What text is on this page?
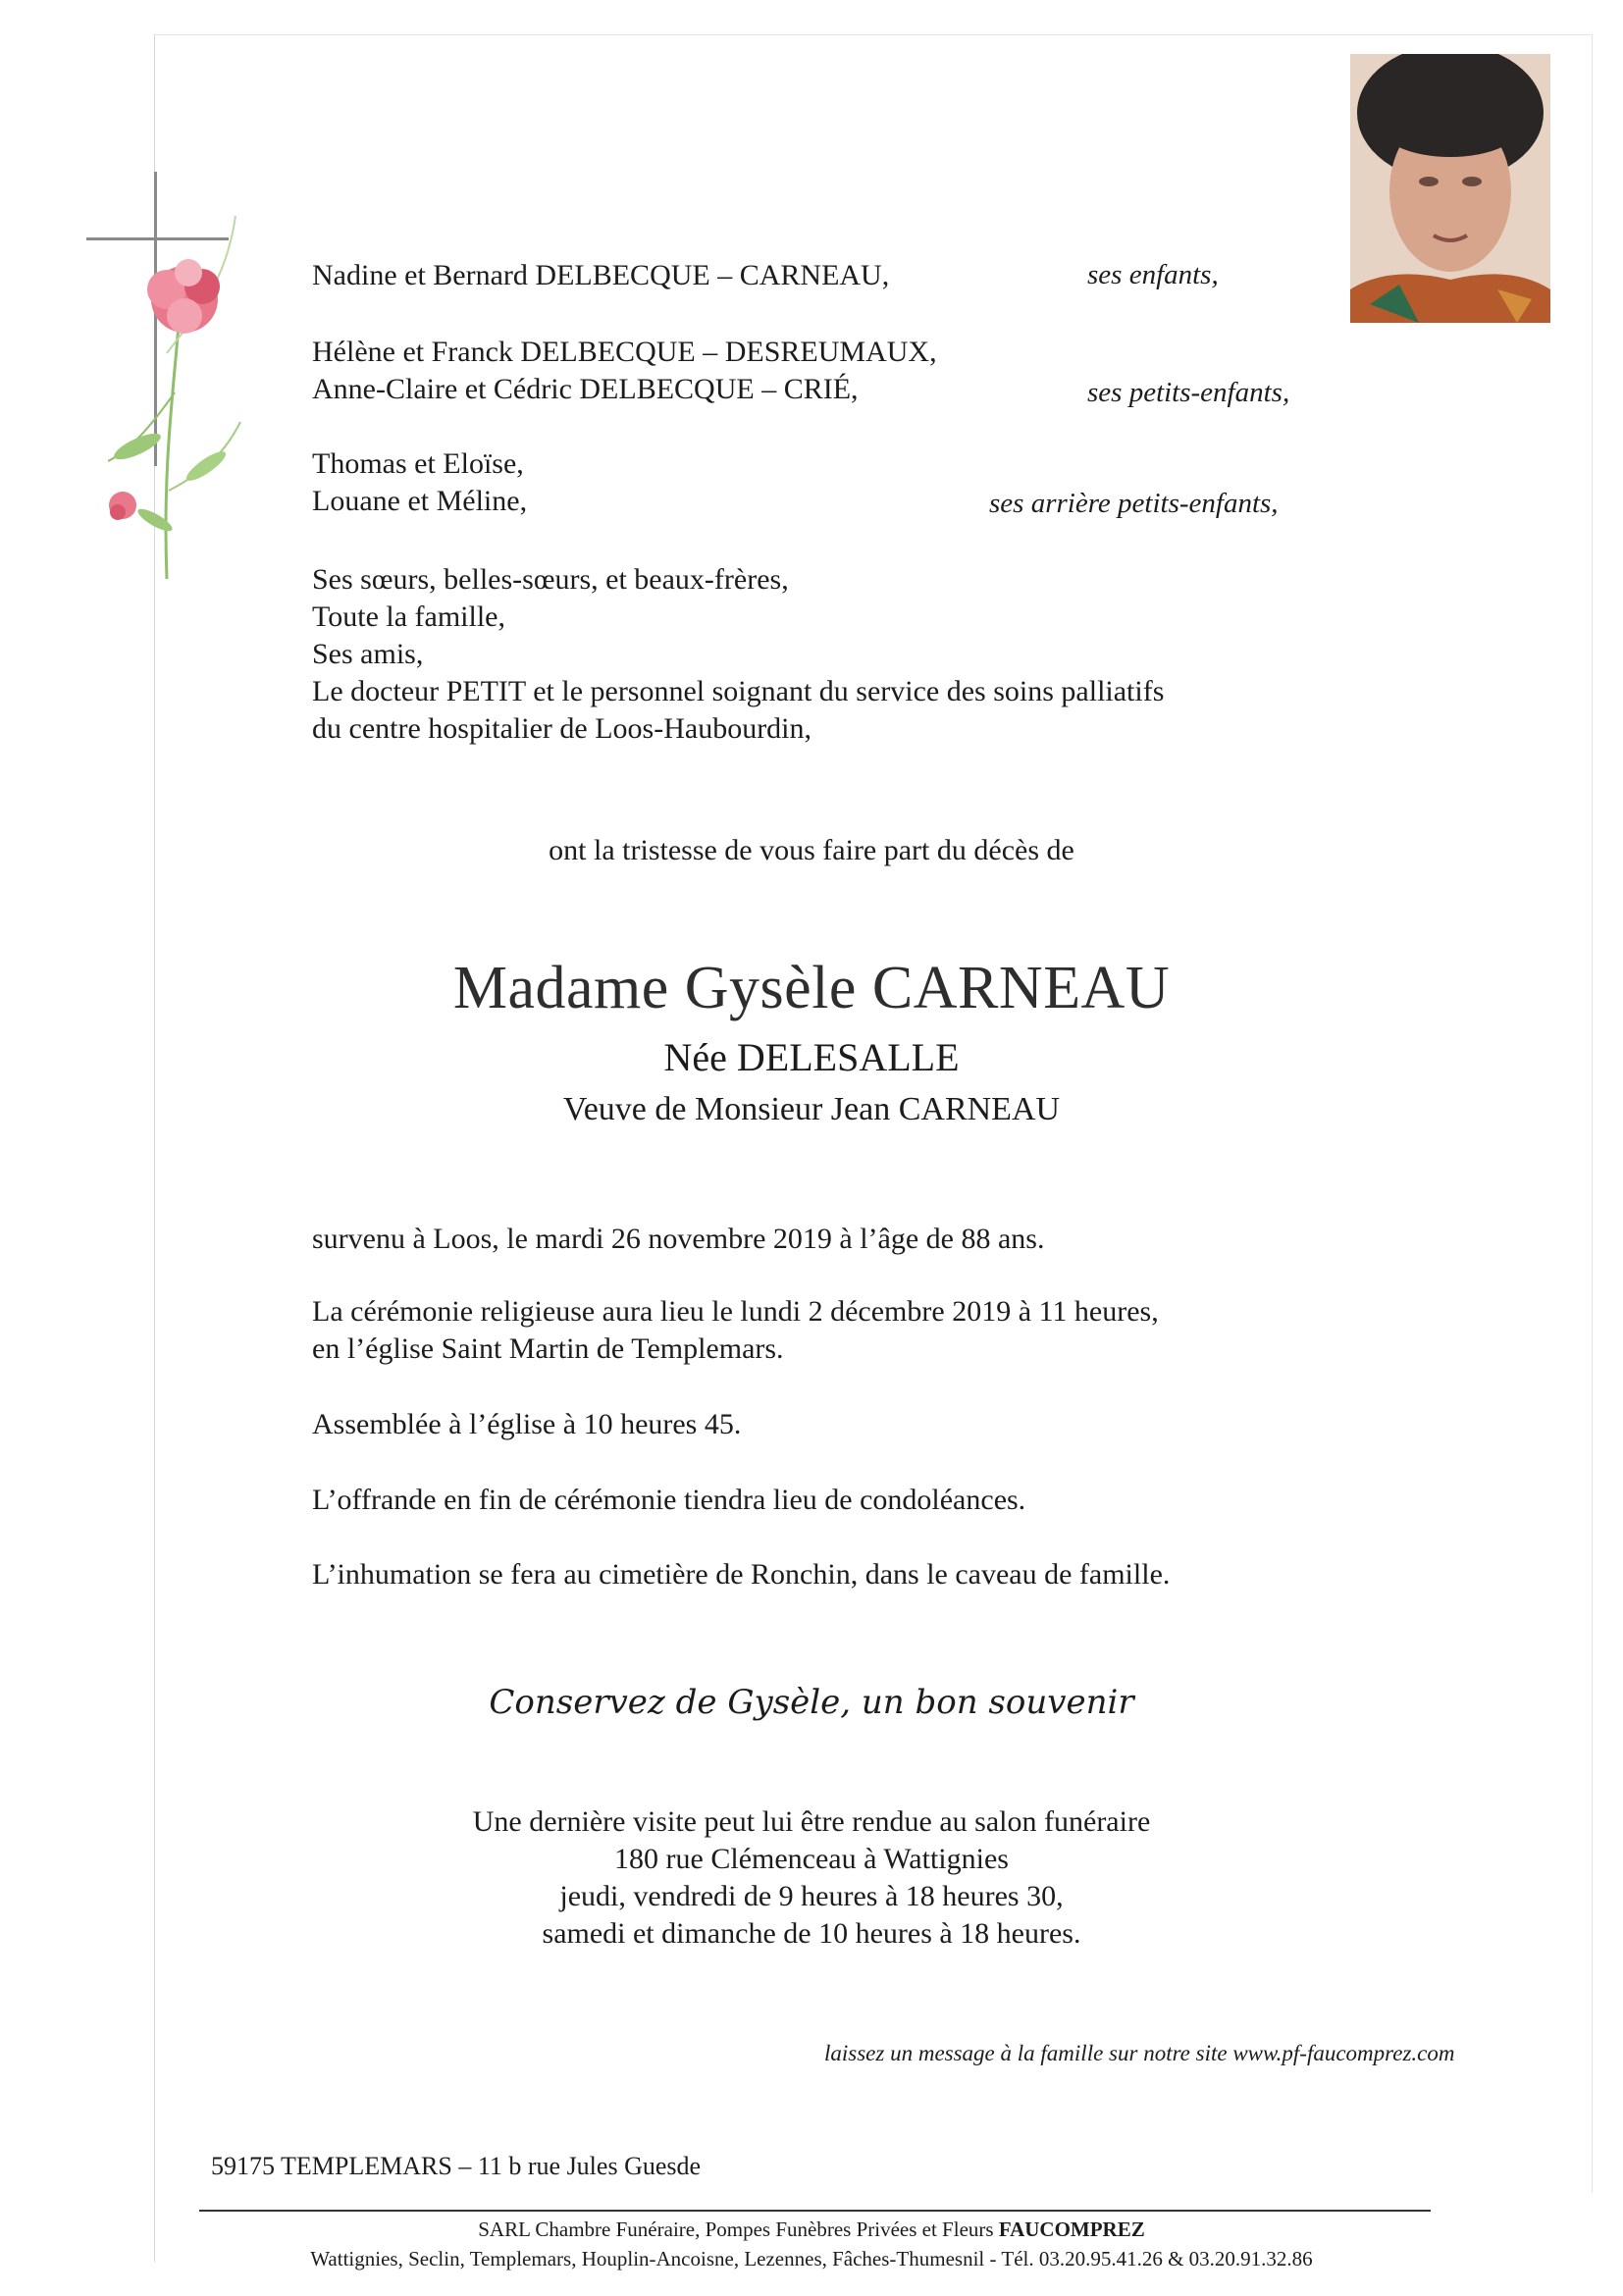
Nadine et Bernard DELBECQUE – CARNEAU,	ses enfants,
Hélène et Franck DELBECQUE – DESREUMAUX,
Anne-Claire et Cédric DELBECQUE – CRIÉ,	ses petits-enfants,
Thomas et Eloïse,
Louane et Méline,	ses arrière petits-enfants,
Ses sœurs, belles-sœurs, et beaux-frères,
Toute la famille,
Ses amis,
Le docteur PETIT et le personnel soignant du service des soins palliatifs
du centre hospitalier de Loos-Haubourdin,
ont la tristesse de vous faire part du décès de
Madame Gysèle CARNEAU
Née DELESALLE
Veuve de Monsieur Jean CARNEAU
survenu à Loos, le mardi 26 novembre 2019 à l’âge de 88 ans.
La cérémonie religieuse aura lieu le lundi 2 décembre 2019 à 11 heures,
en l’église Saint Martin de Templemars.
Assemblée à l’église à 10 heures 45.
L’offrande en fin de cérémonie tiendra lieu de condoléances.
L’inhumation se fera au cimetière de Ronchin, dans le caveau de famille.
Conservez de Gysèle, un bon souvenir
Une dernière visite peut lui être rendue au salon funéraire
180 rue Clémenceau à Wattignies
jeudi, vendredi de 9 heures à 18 heures 30,
samedi et dimanche de 10 heures à 18 heures.
laissez un message à la famille sur notre site www.pf-faucomprez.com
59175 TEMPLEMARS – 11 b rue Jules Guesde
SARL Chambre Funéraire, Pompes Funèbres Privées et Fleurs FAUCOMPREZ
Wattignies, Seclin, Templemars, Houplin-Ancoisne, Lezennes, Fâches-Thumesnil - Tél. 03.20.95.41.26 & 03.20.91.32.86
